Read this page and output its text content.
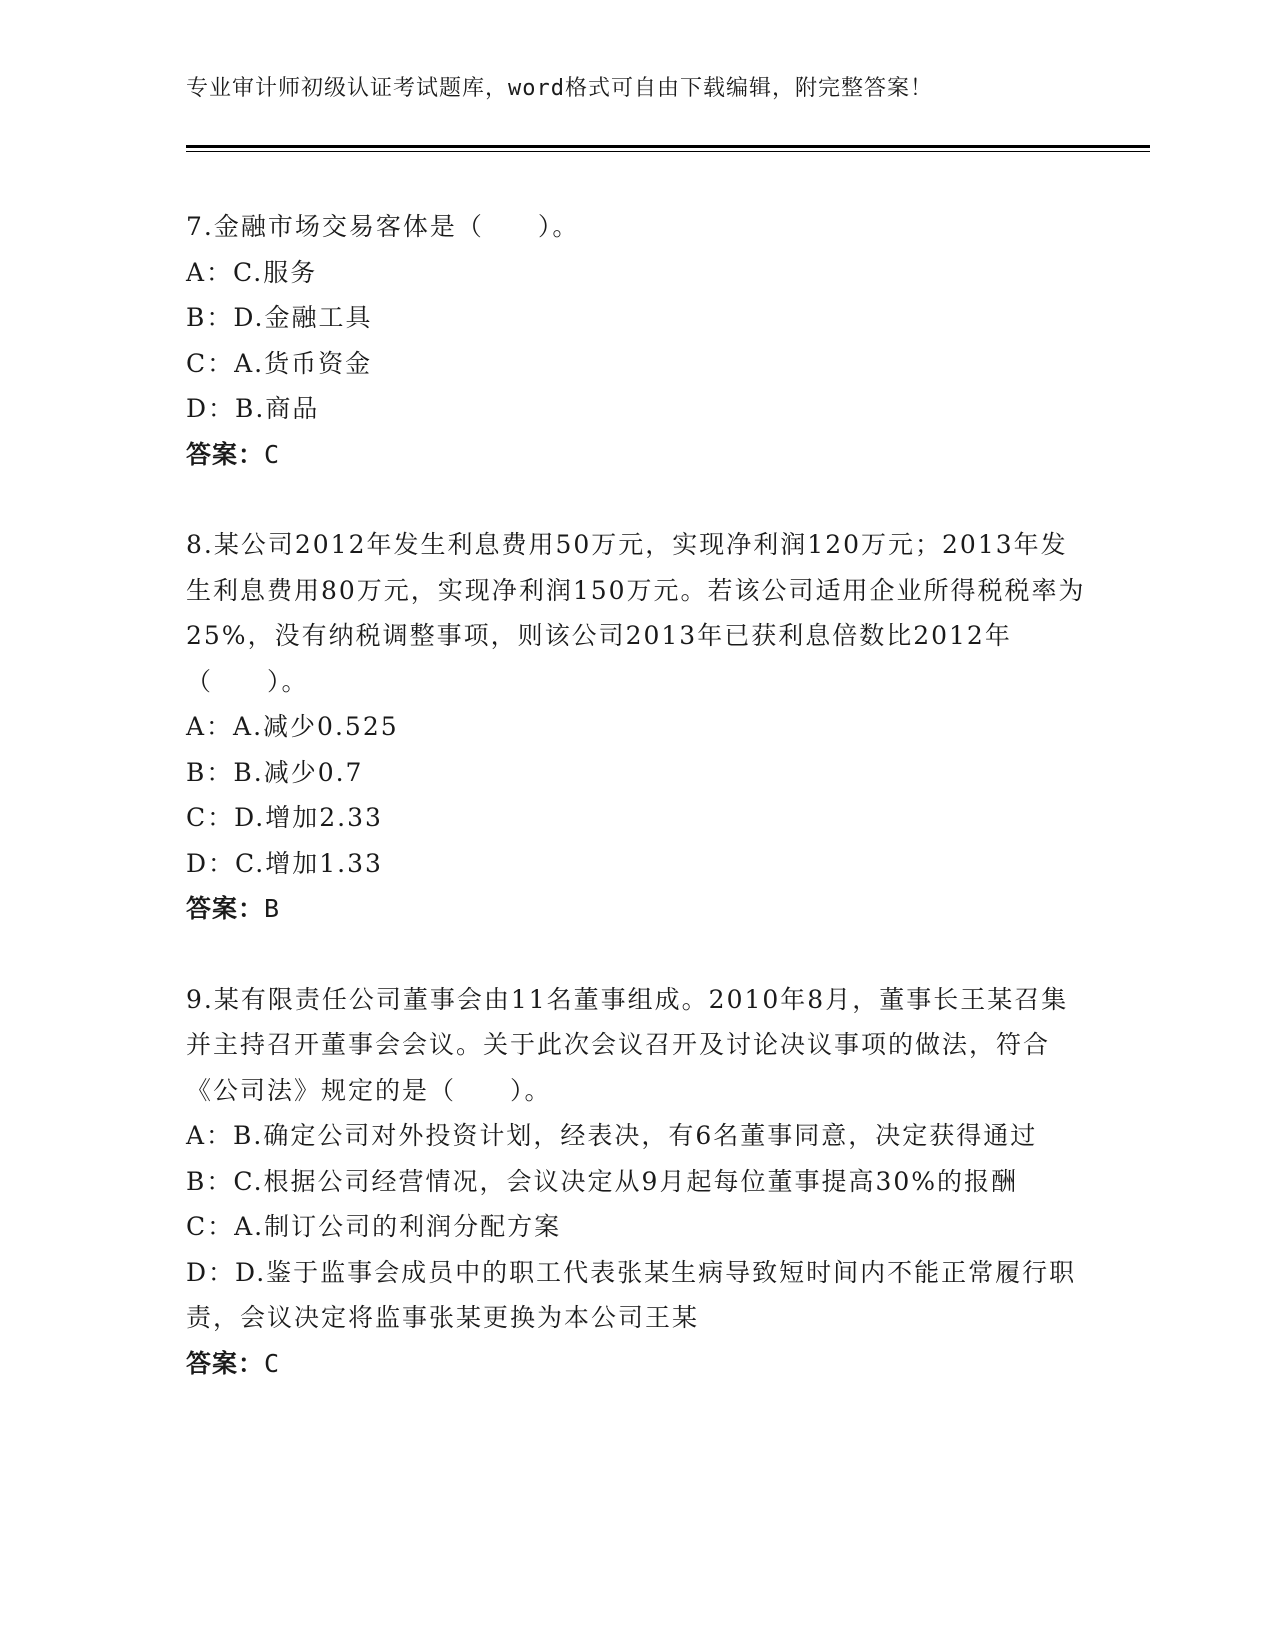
专业审计师初级认证考试题库，word格式可自由下载编辑，附完整答案！

7.金融市场交易客体是（　　）。

A：C.服务

B：D.金融工具

C：A.货币资金

D：B.商品

答案：C

8.某公司2012年发生利息费用50万元，实现净利润120万元；2013年发生利息费用80万元，实现净利润150万元。若该公司适用企业所得税税率为25%，没有纳税调整事项，则该公司2013年已获利息倍数比2012年（　　）。

A：A.减少0.525

B：B.减少0.7

C：D.增加2.33

D：C.增加1.33

答案：B

9.某有限责任公司董事会由11名董事组成。2010年8月，董事长王某召集并主持召开董事会会议。关于此次会议召开及讨论决议事项的做法，符合《公司法》规定的是（　　）。

A：B.确定公司对外投资计划，经表决，有6名董事同意，决定获得通过

B：C.根据公司经营情况，会议决定从9月起每位董事提高30%的报酬

C：A.制订公司的利润分配方案

D：D.鉴于监事会成员中的职工代表张某生病导致短时间内不能正常履行职责，会议决定将监事张某更换为本公司王某

答案：C
